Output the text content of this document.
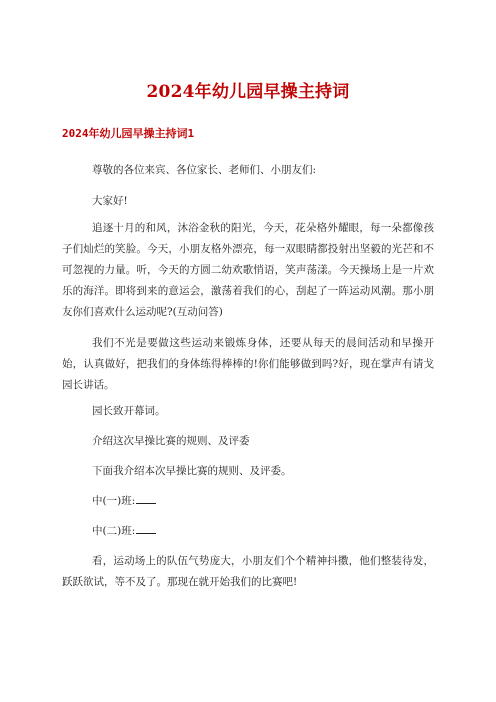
2024年幼儿园早操主持词
2024年幼儿园早操主持词1

尊敬的各位来宾、各位家长、老师们、小朋友们:

大家好!

追逐十月的和风，沐浴金秋的阳光，今天，花朵格外耀眼，每一朵都像孩子们灿烂的笑脸。今天，小朋友格外漂亮，每一双眼睛都投射出坚毅的光芒和不可忽视的力量。听，今天的方圆二幼欢歌悄语，笑声荡漾。今天操场上是一片欢乐的海洋。即将到来的意运会，激荡着我们的心，刮起了一阵运动风潮。那小朋友你们喜欢什么运动呢?(互动问答)

我们不光是要做这些运动来锻炼身体，还要从每天的晨间活动和早操开始，认真做好，把我们的身体练得棒棒的!你们能够做到吗?好，现在掌声有请戈园长讲话。

园长致开幕词。

介绍这次早操比赛的规则、及评委

下面我介绍本次早操比赛的规则、及评委。

中(一)班:

中(二)班:

看，运动场上的队伍气势庞大，小朋友们个个精神抖擞，他们整装待发，跃跃欲试，等不及了。那现在就开始我们的比赛吧!
